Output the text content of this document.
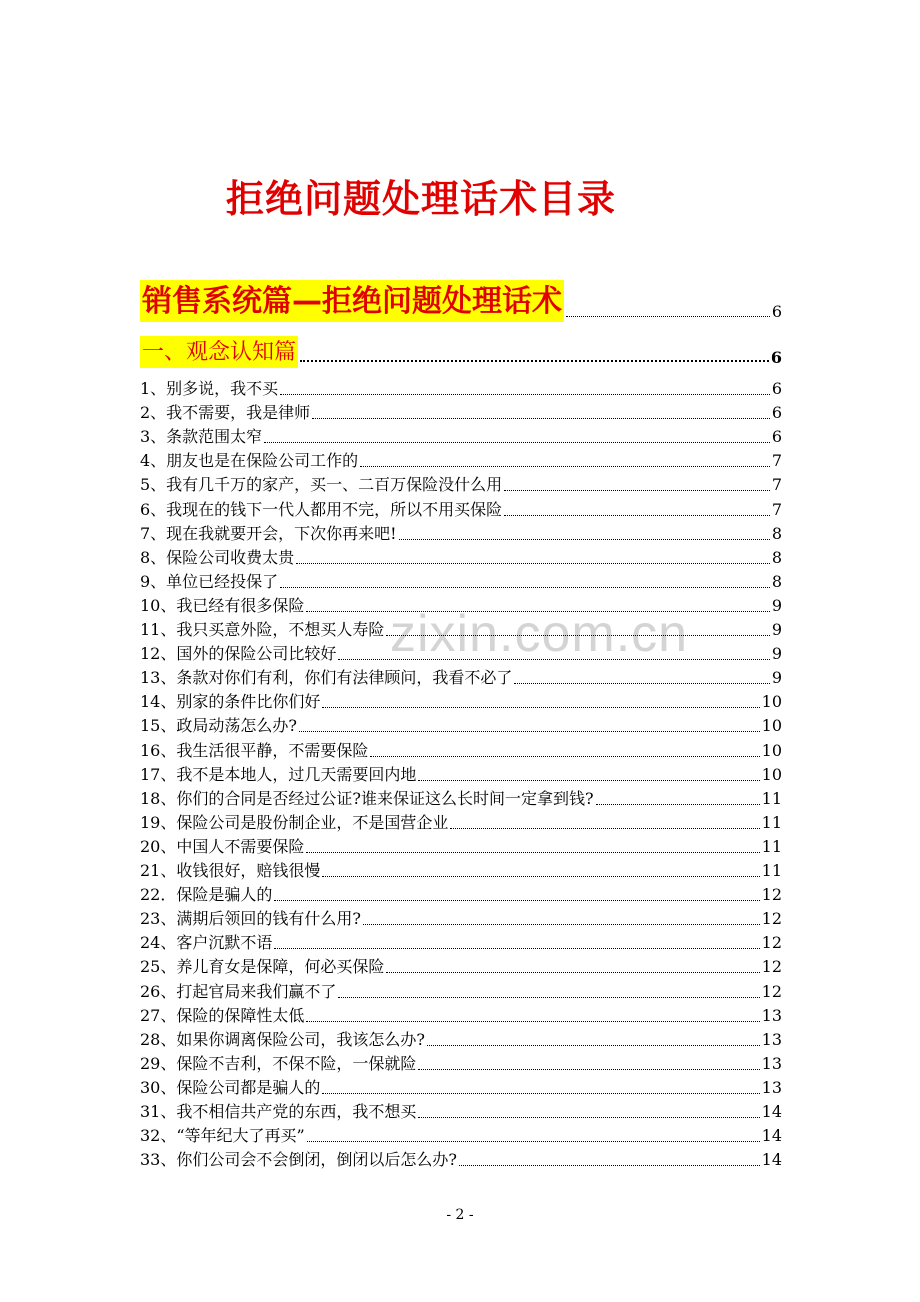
拒绝问题处理话术目录
zixin.com.cn
销售系统篇—拒绝问题处理话术	6
一、观念认知篇	6
1、别多说，我不买	6
2、我不需要，我是律师	6
3、条款范围太窄	6
4、朋友也是在保险公司工作的	7
5、我有几千万的家产，买一、二百万保险没什么用	7
6、我现在的钱下一代人都用不完，所以不用买保险	7
7、现在我就要开会，下次你再来吧!	8
8、保险公司收费太贵	8
9、单位已经投保了	8
10、我已经有很多保险	9
11、我只买意外险，不想买人寿险	9
12、国外的保险公司比较好	9
13、条款对你们有利，你们有法律顾问，我看不必了	9
14、别家的条件比你们好	10
15、政局动荡怎么办?	10
16、我生活很平静，不需要保险	10
17、我不是本地人，过几天需要回内地	10
18、你们的合同是否经过公证?谁来保证这么长时间一定拿到钱?	11
19、保险公司是股份制企业，不是国营企业	11
20、中国人不需要保险	11
21、收钱很好，赔钱很慢	11
22．保险是骗人的	12
23、满期后领回的钱有什么用?	12
24、客户沉默不语	12
25、养儿育女是保障，何必买保险	12
26、打起官局来我们赢不了	12
27、保险的保障性太低	13
28、如果你调离保险公司，我该怎么办?	13
29、保险不吉利，不保不险，一保就险	13
30、保险公司都是骗人的	13
31、我不相信共产党的东西，我不想买	14
32、“等年纪大了再买”	14
33、你们公司会不会倒闭，倒闭以后怎么办?	14
- 2 -
